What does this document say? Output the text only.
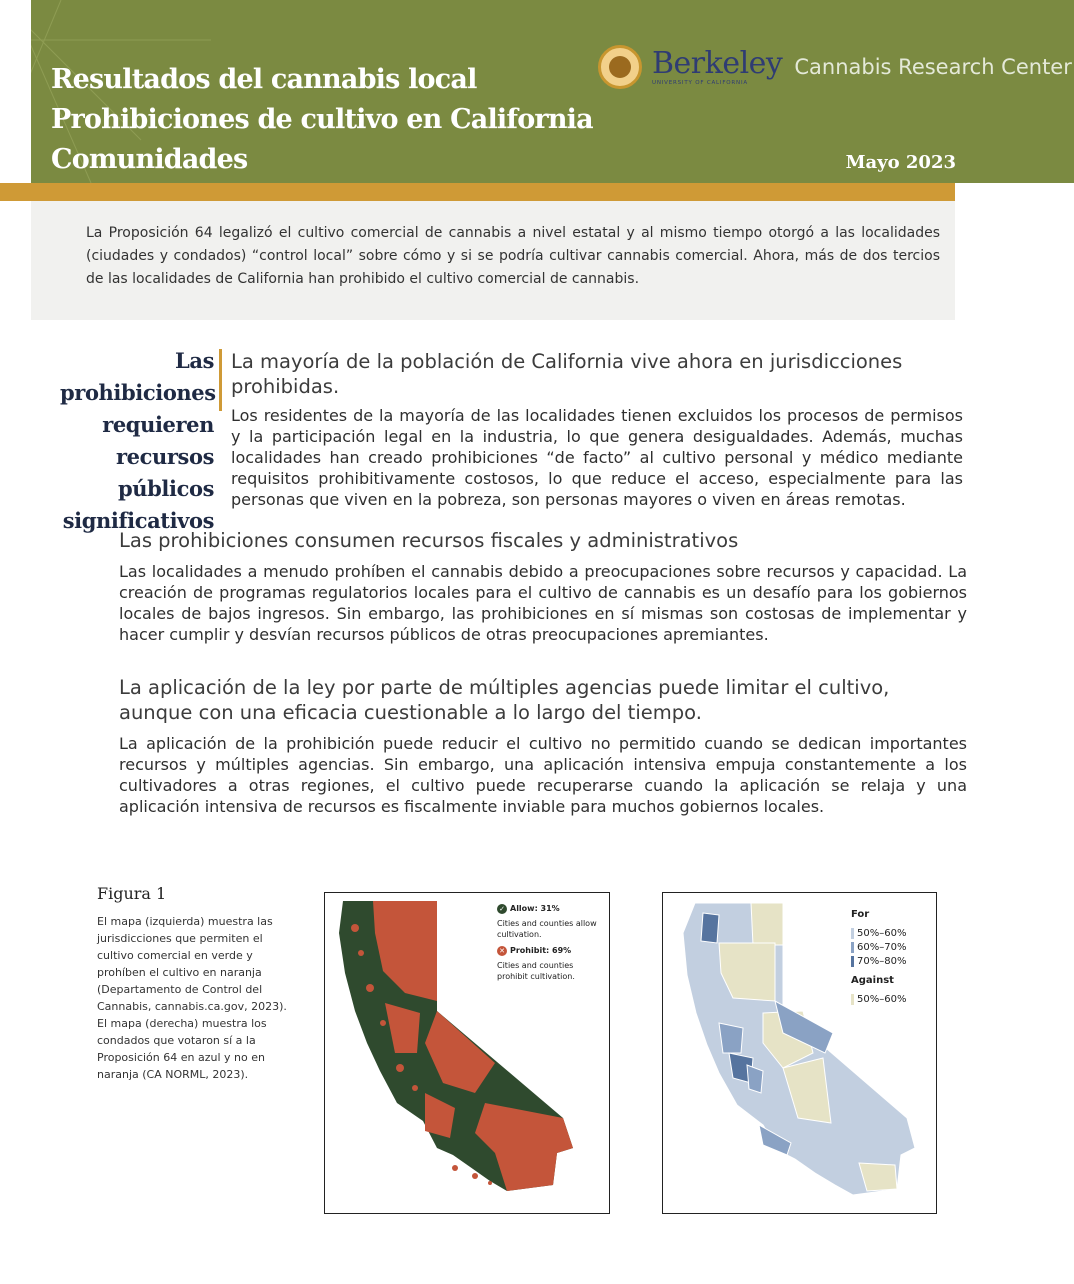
Resultados del cannabis local
Prohibiciones de cultivo en California
Comunidades
Berkeley
UNIVERSITY OF CALIFORNIA
Cannabis Research Center
Mayo 2023

La Proposición 64 legalizó el cultivo comercial de cannabis a nivel estatal y al mismo tiempo otorgó a las localidades (ciudades y condados) “control local” sobre cómo y si se podría cultivar cannabis comercial. Ahora, más de dos tercios de las localidades de California han prohibido el cultivo comercial de cannabis.

Las
prohibiciones
requieren
recursos
públicos
significativos
La mayoría de la población de California vive ahora en jurisdicciones prohibidas.
Los residentes de la mayoría de las localidades tienen excluidos los procesos de permisos y la participación legal en la industria, lo que genera desigualdades. Además, muchas localidades han creado prohibiciones “de facto” al cultivo personal y médico mediante requisitos prohibitivamente costosos, lo que reduce el acceso, especialmente para las personas que viven en la pobreza, son personas mayores o viven en áreas remotas.
Las prohibiciones consumen recursos fiscales y administrativos
Las localidades a menudo prohíben el cannabis debido a preocupaciones sobre recursos y capacidad. La creación de programas regulatorios locales para el cultivo de cannabis es un desafío para los gobiernos locales de bajos ingresos. Sin embargo, las prohibiciones en sí mismas son costosas de implementar y hacer cumplir y desvían recursos públicos de otras preocupaciones apremiantes.
La aplicación de la ley por parte de múltiples agencias puede limitar el cultivo, aunque con una eficacia cuestionable a lo largo del tiempo.
La aplicación de la prohibición puede reducir el cultivo no permitido cuando se dedican importantes recursos y múltiples agencias. Sin embargo, una aplicación intensiva empuja constantemente a los cultivadores a otras regiones, el cultivo puede recuperarse cuando la aplicación se relaja y una aplicación intensiva de recursos es fiscalmente inviable para muchos gobiernos locales.
Figura 1
El mapa (izquierda) muestra las jurisdicciones que permiten el cultivo comercial en verde y prohíben el cultivo en naranja (Departamento de Control del Cannabis, cannabis.ca.gov, 2023). El mapa (derecha) muestra los condados que votaron sí a la Proposición 64 en azul y no en naranja (CA NORML, 2023).
✓ Allow: 31%
Cities and counties allow cultivation.
✕ Prohibit: 69%
Cities and counties prohibit cultivation.
For
50%–60%
60%–70%
70%–80%
Against
50%–60%
